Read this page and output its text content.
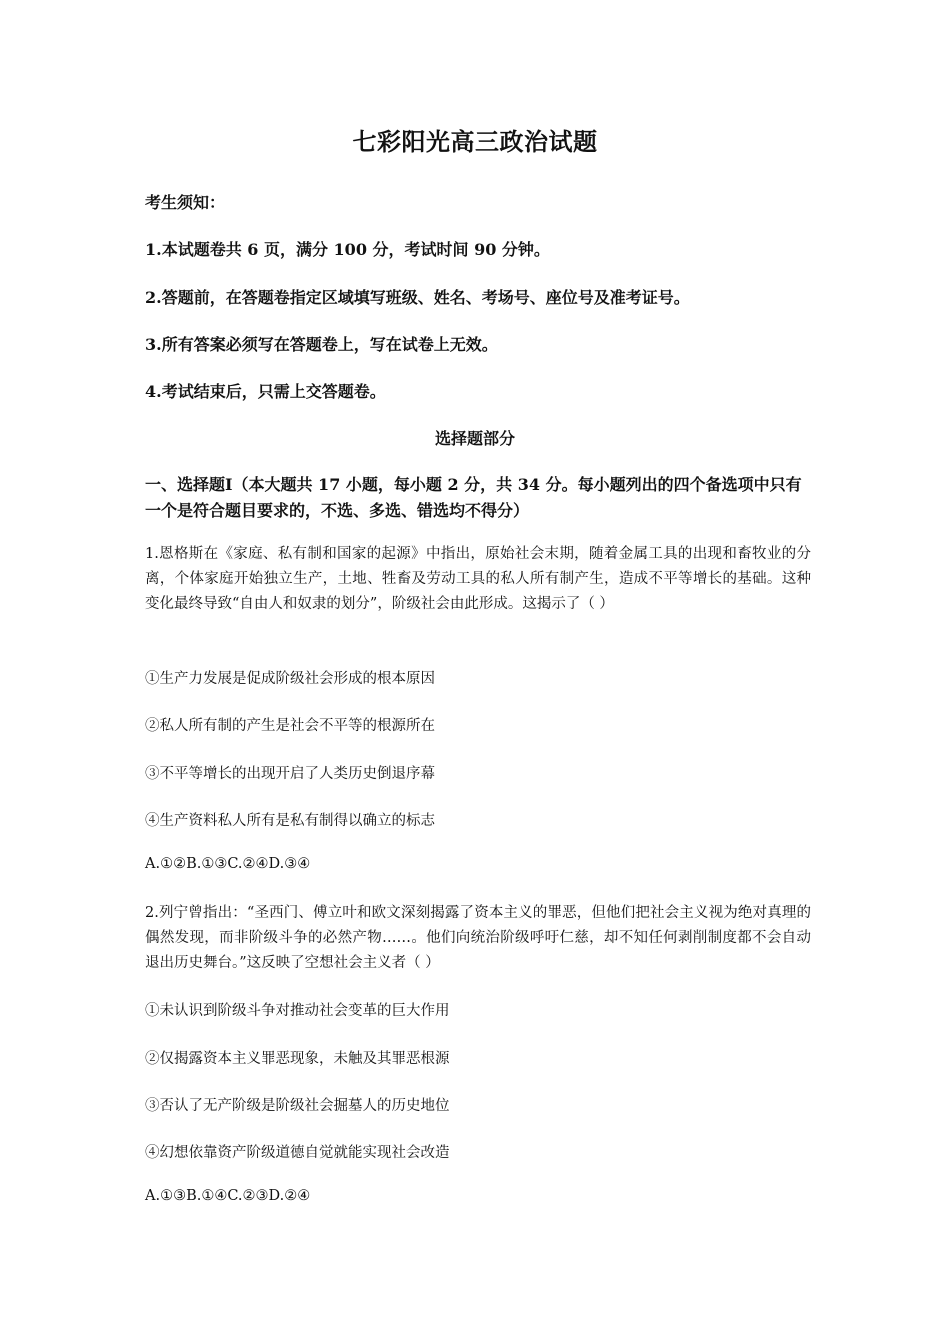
七彩阳光高三政治试题
考生须知：
1.本试题卷共 6 页，满分 100 分，考试时间 90 分钟。
2.答题前，在答题卷指定区域填写班级、姓名、考场号、座位号及准考证号。
3.所有答案必须写在答题卷上，写在试卷上无效。
4.考试结束后，只需上交答题卷。
选择题部分
一、选择题Ⅰ（本大题共 17 小题，每小题 2 分，共 34 分。每小题列出的四个备选项中只有一个是符合题目要求的，不选、多选、错选均不得分）
1.恩格斯在《家庭、私有制和国家的起源》中指出，原始社会末期，随着金属工具的出现和畜牧业的分离，个体家庭开始独立生产，土地、牲畜及劳动工具的私人所有制产生，造成不平等增长的基础。这种变化最终导致“自由人和奴隶的划分”，阶级社会由此形成。这揭示了（ ）
①生产力发展是促成阶级社会形成的根本原因
②私人所有制的产生是社会不平等的根源所在
③不平等增长的出现开启了人类历史倒退序幕
④生产资料私人所有是私有制得以确立的标志
A.①②B.①③C.②④D.③④
2.列宁曾指出：“圣西门、傅立叶和欧文深刻揭露了资本主义的罪恶，但他们把社会主义视为绝对真理的偶然发现，而非阶级斗争的必然产物……。他们向统治阶级呼吁仁慈，却不知任何剥削制度都不会自动退出历史舞台。”这反映了空想社会主义者（ ）
①未认识到阶级斗争对推动社会变革的巨大作用
②仅揭露资本主义罪恶现象，未触及其罪恶根源
③否认了无产阶级是阶级社会掘墓人的历史地位
④幻想依靠资产阶级道德自觉就能实现社会改造
A.①③B.①④C.②③D.②④
